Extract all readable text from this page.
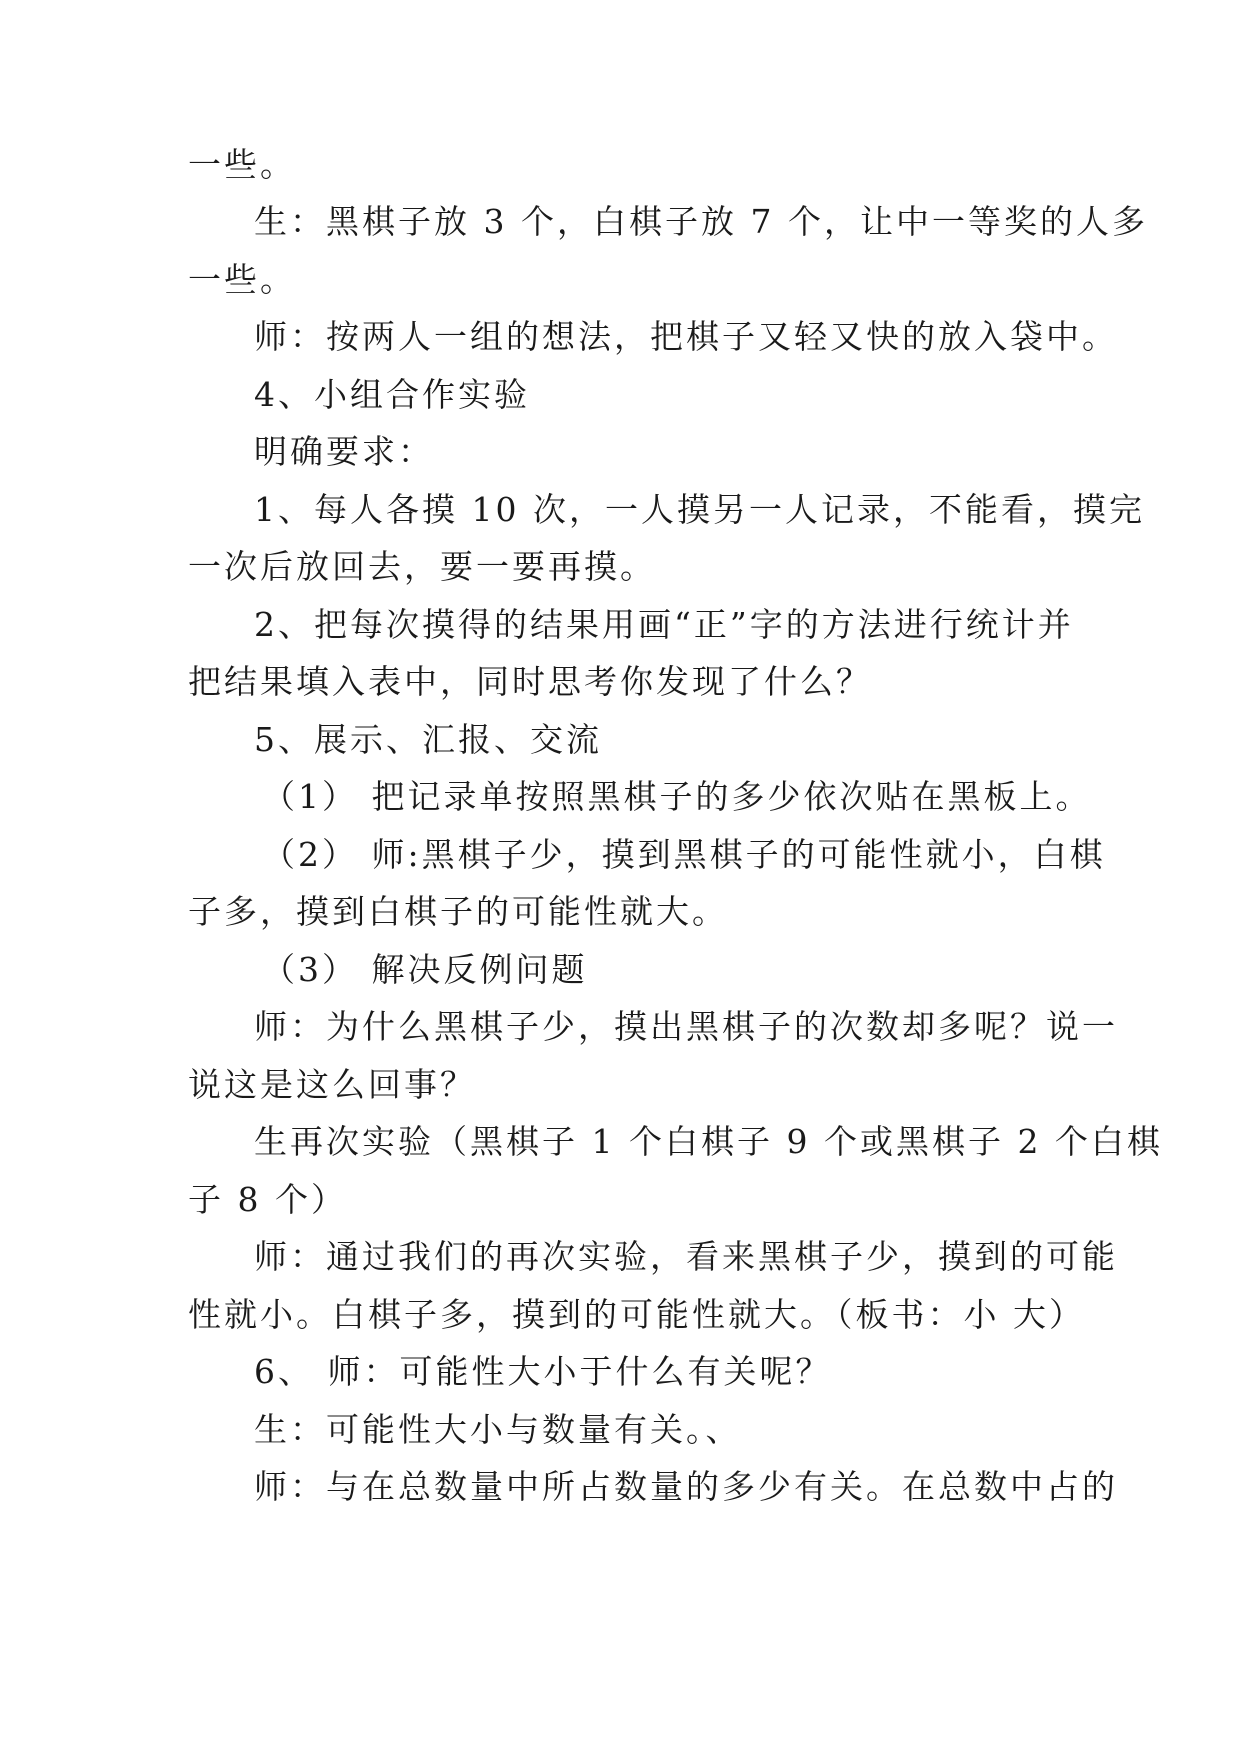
一些。
生：黑棋子放 3 个，白棋子放 7 个，让中一等奖的人多
一些。
师：按两人一组的想法，把棋子又轻又快的放入袋中。
4、小组合作实验
明确要求：
1、每人各摸 10 次，一人摸另一人记录，不能看，摸完
一次后放回去，要一要再摸。
2、把每次摸得的结果用画“正”字的方法进行统计并
把结果填入表中，同时思考你发现了什么？
5、展示、汇报、交流
（1） 把记录单按照黑棋子的多少依次贴在黑板上。
（2） 师:黑棋子少，摸到黑棋子的可能性就小，白棋
子多，摸到白棋子的可能性就大。
（3） 解决反例问题
师：为什么黑棋子少，摸出黑棋子的次数却多呢？说一
说这是这么回事？
生再次实验（黑棋子 1 个白棋子 9 个或黑棋子 2 个白棋
子 8 个）
师：通过我们的再次实验，看来黑棋子少，摸到的可能
性就小。白棋子多，摸到的可能性就大。（板书：小 大）
6、 师：可能性大小于什么有关呢？
生：可能性大小与数量有关。、
师：与在总数量中所占数量的多少有关。在总数中占的
